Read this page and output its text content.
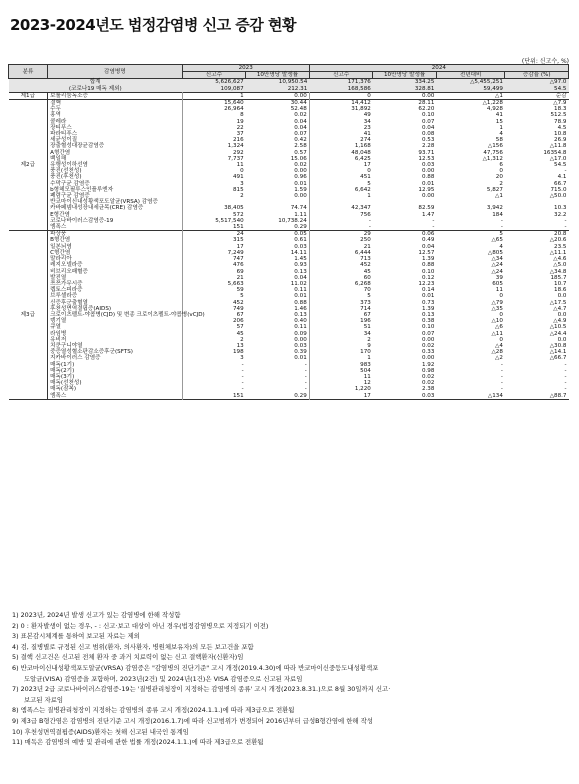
2023-2024년도 법정감염병 신고 증감 현황
(단위: 신고수, %)
분류	감염병명	2023		2024			
		신고수	10만명당 발생률	신고수	10만명당 발생률	전년대비	증감율 (%)
합계		5,626,627	10,950.54	171,376	334.25	△5,455,251	△97.0
(코로나19 매독 제외)		109,087	212.31	168,586	328.81	59,499	54.5
제1급	보툴리눔독소증	1	0.00	0	0.00	△1	순감
제2급	결핵	15,640	30.44	14,412	28.11	△1,228	△7.9
	수두	26,964	52.48	31,892	62.20	4,928	18.3
	홍역	8	0.02	49	0.10	41	512.5
	콜레라	19	0.04	34	0.07	15	78.9
	장티푸스	22	0.04	23	0.04	1	4.5
	파라티푸스	37	0.07	41	0.08	4	10.8
	세균성이질	216	0.42	274	0.53	58	26.9
	장출혈성대장균감염증	1,324	2.58	1,168	2.28	△156	△11.8
	A형간염	292	0.57	48,048	93.71	47,756	16354.8
	백일해	7,737	15.06	6,425	12.53	△1,312	△17.0
	유행성이하선염	11	0.02	17	0.03	6	54.5
	풍진(선천성)	0	0.00	0	0.00	0	-
	풍진(후천성)	491	0.96	451	0.88	20	4.1
	수막구균 감염증	3	0.01	5	0.01	2	66.7
	b형헤모필루스인플루엔자	815	1.59	6,642	12.95	5,827	715.0
	폐렴구균 감염증	2	0.00	1	0.00	△1	△50.0
	반코마이신내성황색포도알균(VRSA) 감염증						
	카바페넴내성장내세균목(CRE) 감염증	38,405	74.74	42,347	82.59	3,942	10.3
	E형간염	572	1.11	756	1.47	184	32.2
	코로나바이러스감염증-19	5,517,540	10,738.24	-	-	-	-
	엠폭스	151	0.29	-	-	-	-
제3급	파상풍	24	0.05	29	0.06	5	20.8
	B형간염	315	0.61	250	0.49	△65	△20.6
	일본뇌염	17	0.03	21	0.04	4	23.5
	C형간염	7,249	14.11	6,444	12.57	△805	△11.1
	말라리아	747	1.45	713	1.39	△34	△4.6
	레지오넬라증	476	0.93	452	0.88	△24	△5.0
	비브리오패혈증	69	0.13	45	0.10	△24	△34.8
	발진열	21	0.04	60	0.12	39	185.7
	쯔쯔가무시증	5,663	11.02	6,268	12.23	605	10.7
	렙토스피라증	59	0.11	70	0.14	11	18.6
	브루셀라증	5	0.01	5	0.01	0	0.0
	신증후군출혈열	452	0.88	373	0.73	△79	△17.5
	후천성면역결핍증(AIDS)	749	1.46	714	1.39	△35	△4.7
	크로이츠펠트-야콥병(CJD) 및 변종 크로이츠펠트-야콥병(vCJD)	67	0.13	67	0.13	0	0.0
	뎅기열	206	0.40	196	0.38	△10	△4.9
	큐열	57	0.11	51	0.10	△6	△10.5
	라임병	45	0.09	34	0.07	△11	△24.4
	유비저	2	0.00	2	0.00	0	0.0
	치쿤구니야열	13	0.03	9	0.02	△4	△30.8
	중증열성혈소판감소증후군(SFTS)	198	0.39	170	0.33	△28	△14.1
	지카바이러스 감염증	3	0.01	1	0.00	△2	△66.7
	매독(1기)	-	-	983	1.92	-	-
	매독(2기)	-	-	504	0.98	-	-
	매독(3기)	-	-	11	0.02	-	-
	매독(선천성)	-	-	12	0.02	-	-
	매독(잠복)	-	-	1,220	2.38	-	-
	엠폭스	151	0.29	17	0.03	△134	△88.7
1) 2023년, 2024년 발생 신고가 있는 감염병에 한해 작성함
2) 0 : 환자발생이 없는 경우, - : 신고·보고 대상이 아닌 경우(법정감염병으로 지정되기 이전)
3) 표본감시체계를 통하여 보고된 자료는 제외
4) 검, 질병별로 규정된 신고 범위(환자, 의사환자, 병원체보유자)의 모든 보고건을 포함
5) 결핵 신고건은 신고된 전체 환자 중 과거 치료력이 없는 신고 결핵환자(신환자)임
6) 반코마이신내성황색포도알균(VRSA) 감염증은 "감염병의 진단기준" 고시 개정(2019.4.30)에 따라 반코마이신중등도내성황색포
도알균(VISA) 감염증을 포함하며, 2023년(2건) 및 2024년(1건)은 VISA 감염증으로 신고된 자료임
7) 2023년 2급 코로나바이러스감염증-19는 '질병관리청장이 지정하는 감염병의 종류' 고시 개정(2023.8.31.)으로 8월 30일까지 신고·
보고된 자료임
8) 엠폭스는 질병관리청장이 지정하는 감염병의 종류 고시 개정(2024.1.1.)에 따라 제3급으로 전환됨
9) 제3급 B형간염은 감염병의 진단기준 고시 개정(2016.1.7)에 따라 신고범위가 변경되어 2016년부터 급성B형간염에 한해 작성
10) 후천성면역결핍증(AIDS)환자는 첫해 신고된 내국인 통계임
11) 매독은 감염병의 예방 및 관리에 관한 법률 개정(2024.1.1.)에 따라 제3급으로 전환됨
